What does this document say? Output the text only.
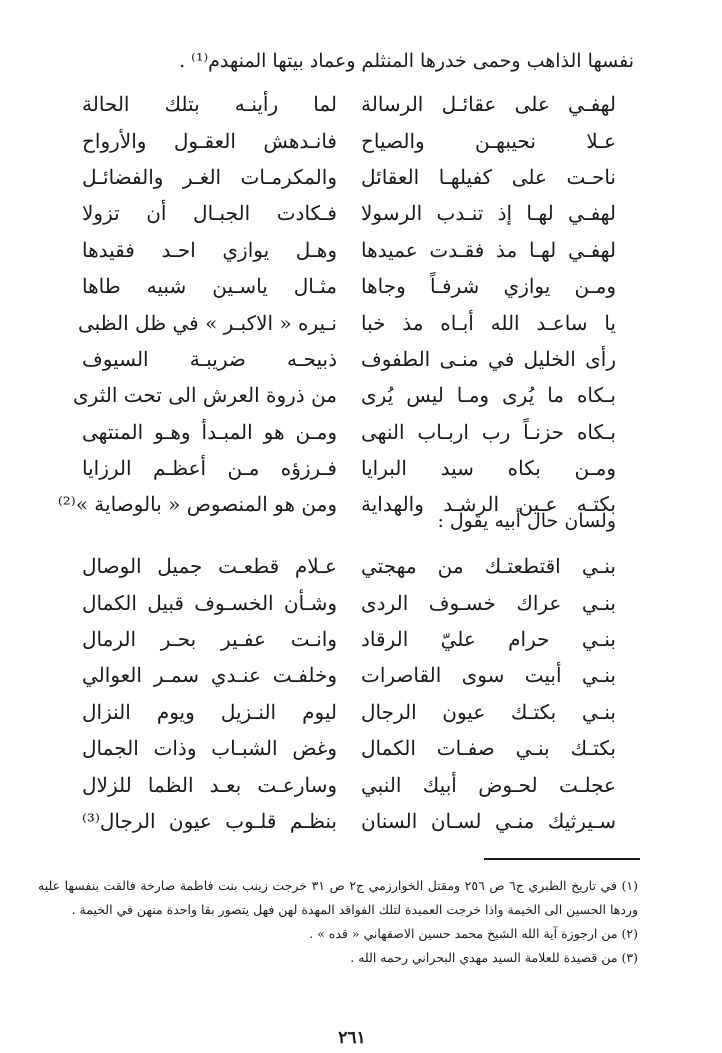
نفسها الذاهب وحمى خدرها المنثلم وعماد بيتها المنهدم⁽¹⁾ .
لهفـي على عقائـل الرسالة
لما رأينـه بتلك الحالة
عـلا نحيبهـن والصياح
فانـدهش العقـول والأرواح
ناحـت على كفيلهـا العقائل
والمكرمـات الغـر والفضائـل
لهفـي لهـا إذ تنـدب الرسولا
فـكادت الجبـال أن تزولا
لهفـي لهـا مذ فقـدت عميدها
وهـل يوازي احـد فقيدها
ومـن يوازي شرفـاً وجاها
مثـال ياسـين شبيه طاها
يا ساعـد الله أبـاه مذ خبا
نـيره « الاكبـر » في ظل الظبى
رأى الخليل في منـى الطفوف
ذبيحـه ضريبـة السيوف
بـكاه ما يُرى ومـا ليس يُرى
من ذروة العرش الى تحت الثرى
بـكاه حزنـاً رب اربـاب النهى
ومـن هو المبـدأ وهـو المنتهى
ومـن بكاه سيد البرايا
فـرزؤه مـن أعظـم الرزايا
بكتـه عـين الرشـد والهداية
ومن هو المنصوص « بالوصاية »⁽²⁾
ولسان حال أبيه يقول :
بنـي اقتطعتـك من مهجتي
عـلام قطعـت جميل الوصال
بنـي عراك خسـوف الردى
وشـأن الخسـوف قبيل الكمال
بنـي حرام عليّ الرقاد
وانـت عفـير بحـر الرمال
بنـي أبيت سوى القاصرات
وخلفـت عنـدي سمـر العوالي
بنـي بكتـك عيون الرجال
ليوم النـزيل ويوم النزال
بكتـك بنـي صفـات الكمال
وغض الشبـاب وذات الجمال
عجلـت لحـوض أبيك النبي
وسارعـت بعـد الظما للزلال
سـيرثيك منـي لسـان السنان
بنظـم قلـوب عيون الرجال⁽³⁾

(١) في تاريخ الطبري ج٦ ص ٢٥٦ ومقتل الخوارزمي ج٢ ص ٣١ خرجت زينب بنت فاطمة صارخة فالقت بنفسها عليه وردها الحسين الى الخيمة واذا خرجت العميدة لتلك الفواقد المهدة لهن فهل يتصور بقا واحدة منهن في الخيمة .

(٢) من ارجوزة آية الله الشيخ محمد حسين الاصفهاني « قده » .

(٣) من قصيدة للعلامة السيد مهدي البحراني رحمه الله .

٢٦١
